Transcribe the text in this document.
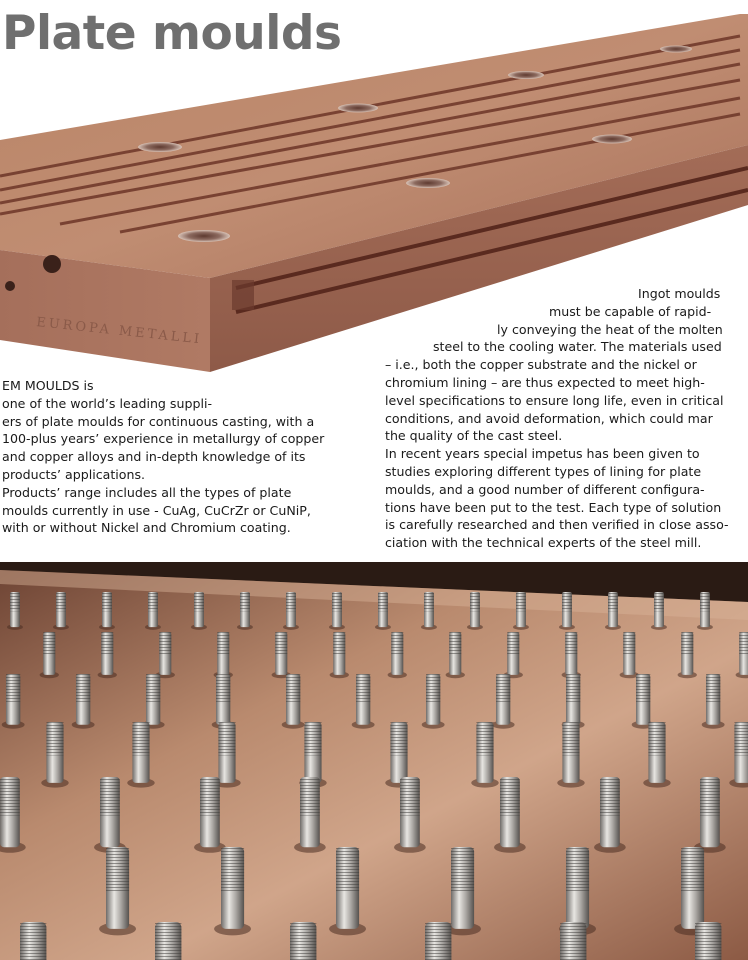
EUROPA METALLI
Plate moulds

EM MOULDS is
one of the world’s leading suppli-
ers of plate moulds for continuous casting, with a
100-plus years’ experience in metallurgy of copper
and copper alloys and in-depth knowledge of its
products’ applications.
Products’ range includes all the types of plate
moulds currently in use - CuAg, CuCrZr or CuNiP,
with or without Nickel and Chromium coating.

Ingot moulds
must be capable of rapid-
ly conveying the heat of the molten
steel to the cooling water. The materials used
– i.e., both the copper substrate and the nickel or
chromium lining – are thus expected to meet high-
level specifications to ensure long life, even in critical
conditions, and avoid deformation, which could mar
the quality of the cast steel.
In recent years special impetus has been given to
studies exploring different types of lining for plate
moulds, and a good number of different configura-
tions have been put to the test. Each type of solution
is carefully researched and then verified in close asso-
ciation with the technical experts of the steel mill.
